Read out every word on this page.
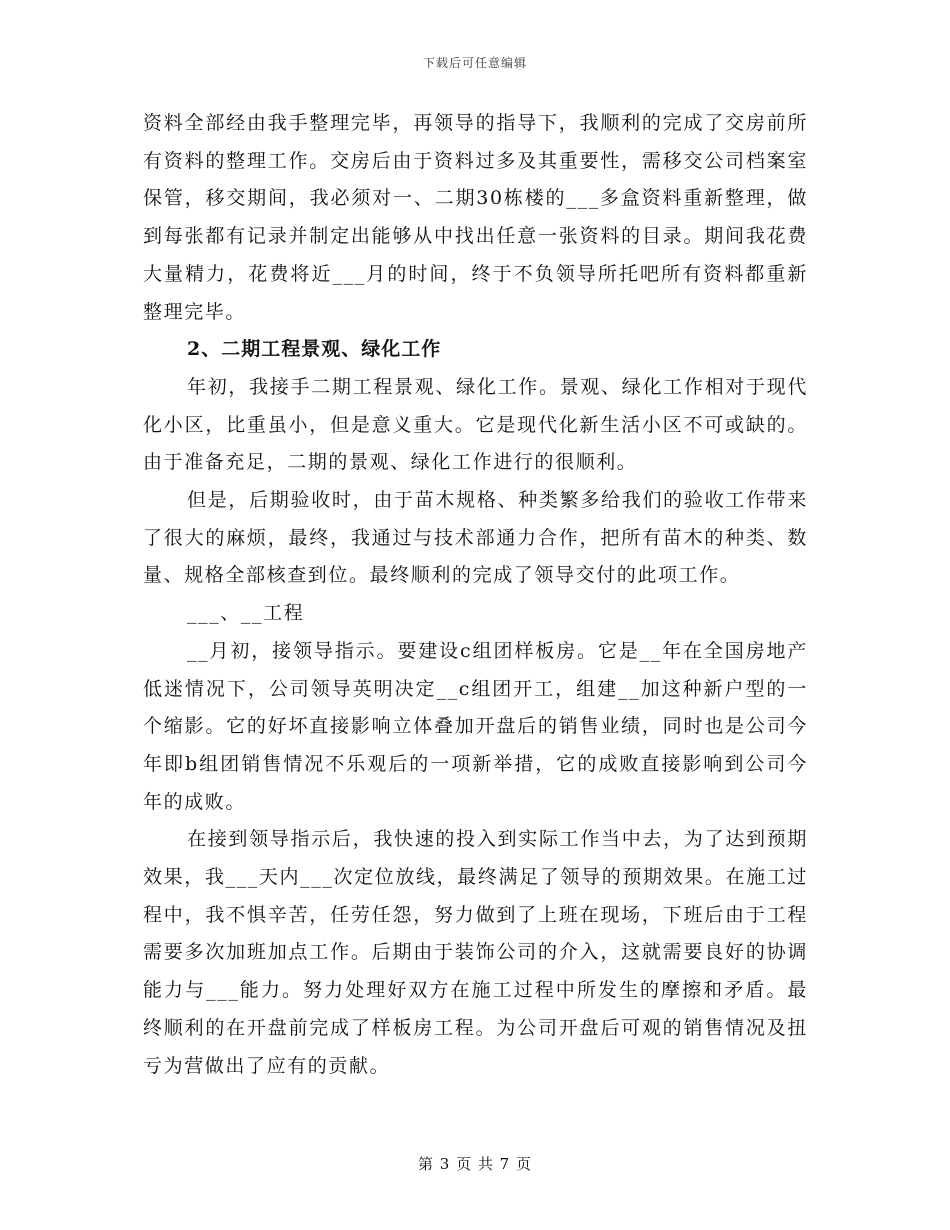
下载后可任意编辑

资料全部经由我手整理完毕，再领导的指导下，我顺利的完成了交房前所有资料的整理工作。交房后由于资料过多及其重要性，需移交公司档案室保管，移交期间，我必须对一、二期30栋楼的___多盒资料重新整理，做到每张都有记录并制定出能够从中找出任意一张资料的目录。期间我花费大量精力，花费将近___月的时间，终于不负领导所托吧所有资料都重新整理完毕。

2、二期工程景观、绿化工作

年初，我接手二期工程景观、绿化工作。景观、绿化工作相对于现代化小区，比重虽小，但是意义重大。它是现代化新生活小区不可或缺的。由于准备充足，二期的景观、绿化工作进行的很顺利。

但是，后期验收时，由于苗木规格、种类繁多给我们的验收工作带来了很大的麻烦，最终，我通过与技术部通力合作，把所有苗木的种类、数量、规格全部核查到位。最终顺利的完成了领导交付的此项工作。

___、__工程

__月初，接领导指示。要建设c组团样板房。它是__年在全国房地产低迷情况下，公司领导英明决定__c组团开工，组建__加这种新户型的一个缩影。它的好坏直接影响立体叠加开盘后的销售业绩，同时也是公司今年即b组团销售情况不乐观后的一项新举措，它的成败直接影响到公司今年的成败。

在接到领导指示后，我快速的投入到实际工作当中去，为了达到预期效果，我___天内___次定位放线，最终满足了领导的预期效果。在施工过程中，我不惧辛苦，任劳任怨，努力做到了上班在现场，下班后由于工程需要多次加班加点工作。后期由于装饰公司的介入，这就需要良好的协调能力与___能力。努力处理好双方在施工过程中所发生的摩擦和矛盾。最终顺利的在开盘前完成了样板房工程。为公司开盘后可观的销售情况及扭亏为营做出了应有的贡献。

第 3 页 共 7 页
